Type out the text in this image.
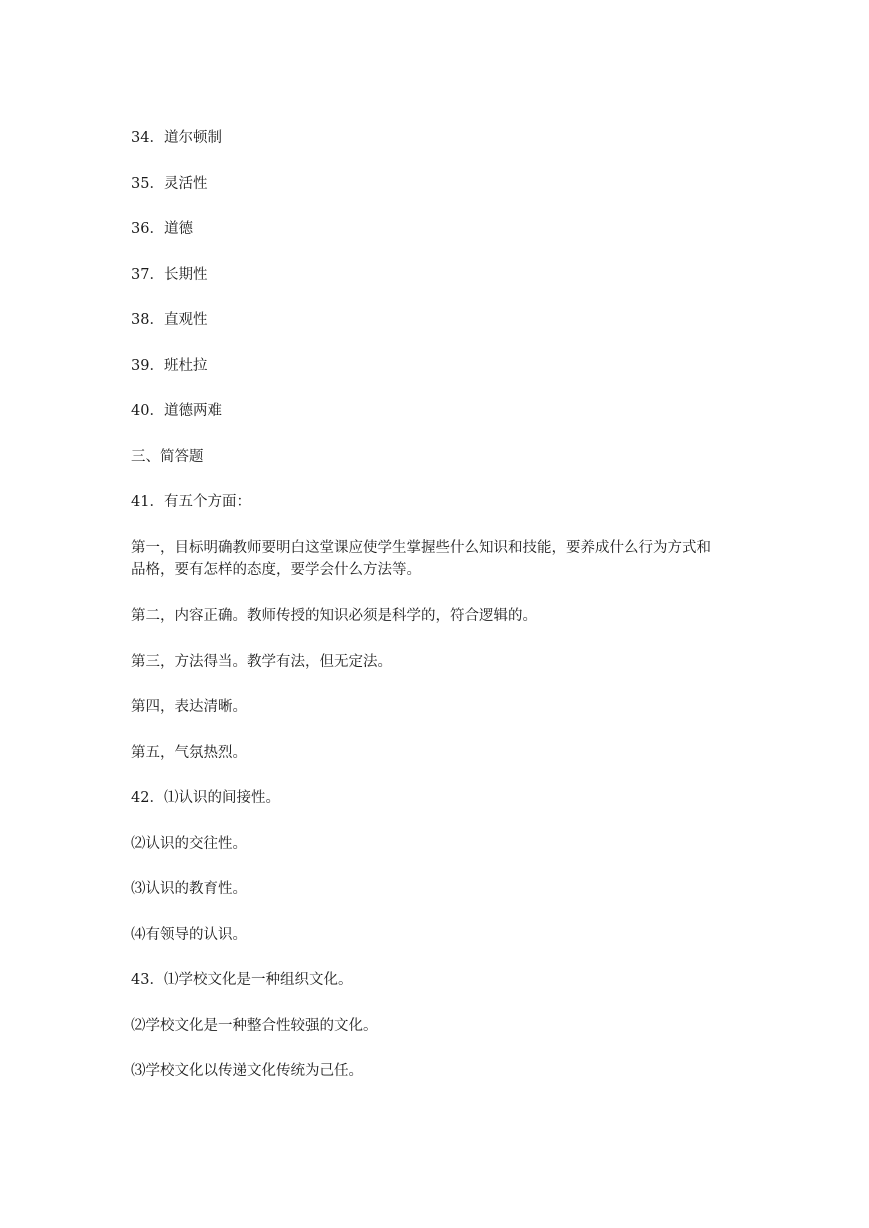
34．道尔顿制

35．灵活性

36．道德

37．长期性

38．直观性

39．班杜拉

40．道德两难

三、简答题

41．有五个方面：

第一，目标明确教师要明白这堂课应使学生掌握些什么知识和技能，要养成什么行为方式和
品格，要有怎样的态度，要学会什么方法等。

第二，内容正确。教师传授的知识必须是科学的，符合逻辑的。

第三，方法得当。教学有法，但无定法。

第四，表达清晰。

第五，气氛热烈。

42．⑴认识的间接性。

⑵认识的交往性。

⑶认识的教育性。

⑷有领导的认识。

43．⑴学校文化是一种组织文化。

⑵学校文化是一种整合性较强的文化。

⑶学校文化以传递文化传统为己任。
